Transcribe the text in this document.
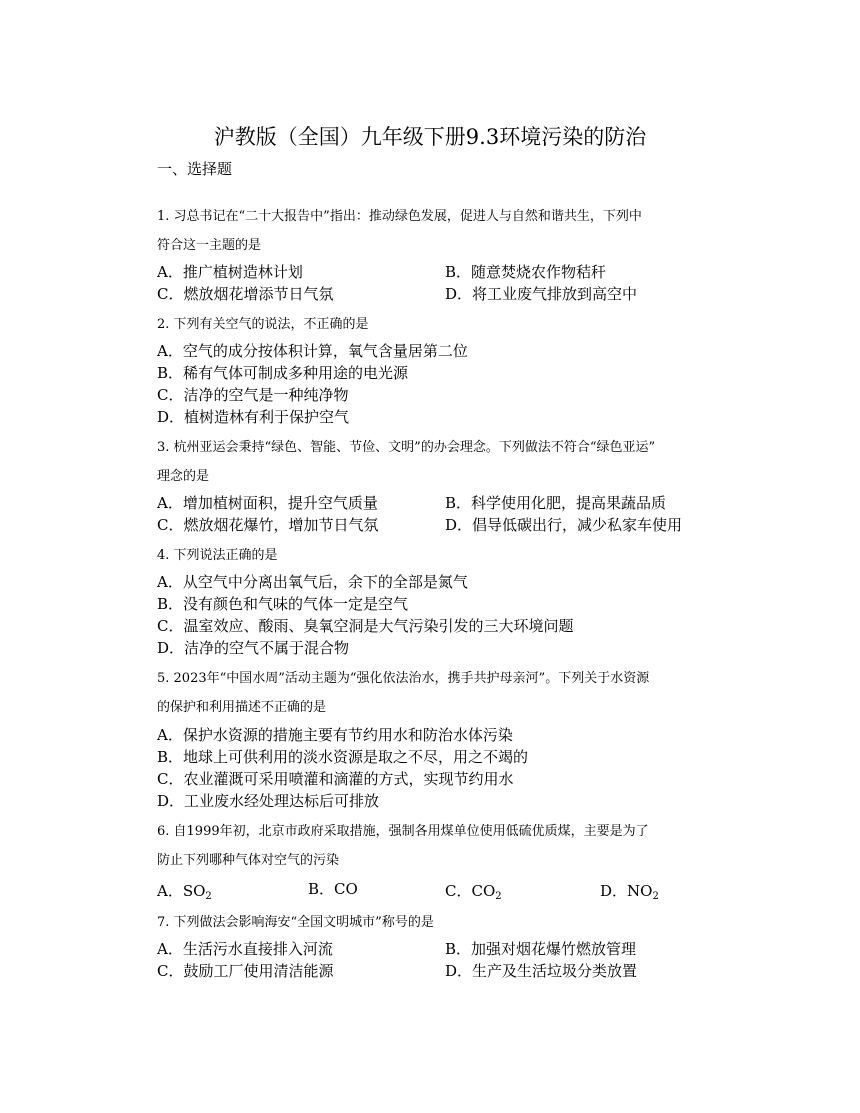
沪教版（全国）九年级下册9.3环境污染的防治
一、选择题
1. 习总书记在“二十大报告中”指出：推动绿色发展，促进人与自然和谐共生，下列中
符合这一主题的是
A．推广植树造林计划	B．随意焚烧农作物秸秆
C．燃放烟花增添节日气氛	D．将工业废气排放到高空中
2. 下列有关空气的说法，不正确的是
A．空气的成分按体积计算，氧气含量居第二位
B．稀有气体可制成多种用途的电光源
C．洁净的空气是一种纯净物
D．植树造林有利于保护空气
3. 杭州亚运会秉持“绿色、智能、节俭、文明”的办会理念。下列做法不符合“绿色亚运”
理念的是
A．增加植树面积，提升空气质量	B．科学使用化肥，提高果蔬品质
C．燃放烟花爆竹，增加节日气氛	D．倡导低碳出行，减少私家车使用
4. 下列说法正确的是
A．从空气中分离出氧气后，余下的全部是氮气
B．没有颜色和气味的气体一定是空气
C．温室效应、酸雨、臭氧空洞是大气污染引发的三大环境问题
D．洁净的空气不属于混合物
5. 2023年“中国水周”活动主题为“强化依法治水，携手共护母亲河”。下列关于水资源
的保护和利用描述不正确的是
A．保护水资源的措施主要有节约用水和防治水体污染
B．地球上可供利用的淡水资源是取之不尽，用之不竭的
C．农业灌溉可采用喷灌和滴灌的方式，实现节约用水
D．工业废水经处理达标后可排放
6. 自1999年初，北京市政府采取措施，强制各用煤单位使用低硫优质煤，主要是为了
防止下列哪种气体对空气的污染
A．$SO_2$	B．CO	C．$CO_2$	D．$NO_2$
7. 下列做法会影响海安“全国文明城市”称号的是
A．生活污水直接排入河流	B．加强对烟花爆竹燃放管理
C．鼓励工厂使用清洁能源	D．生产及生活垃圾分类放置
